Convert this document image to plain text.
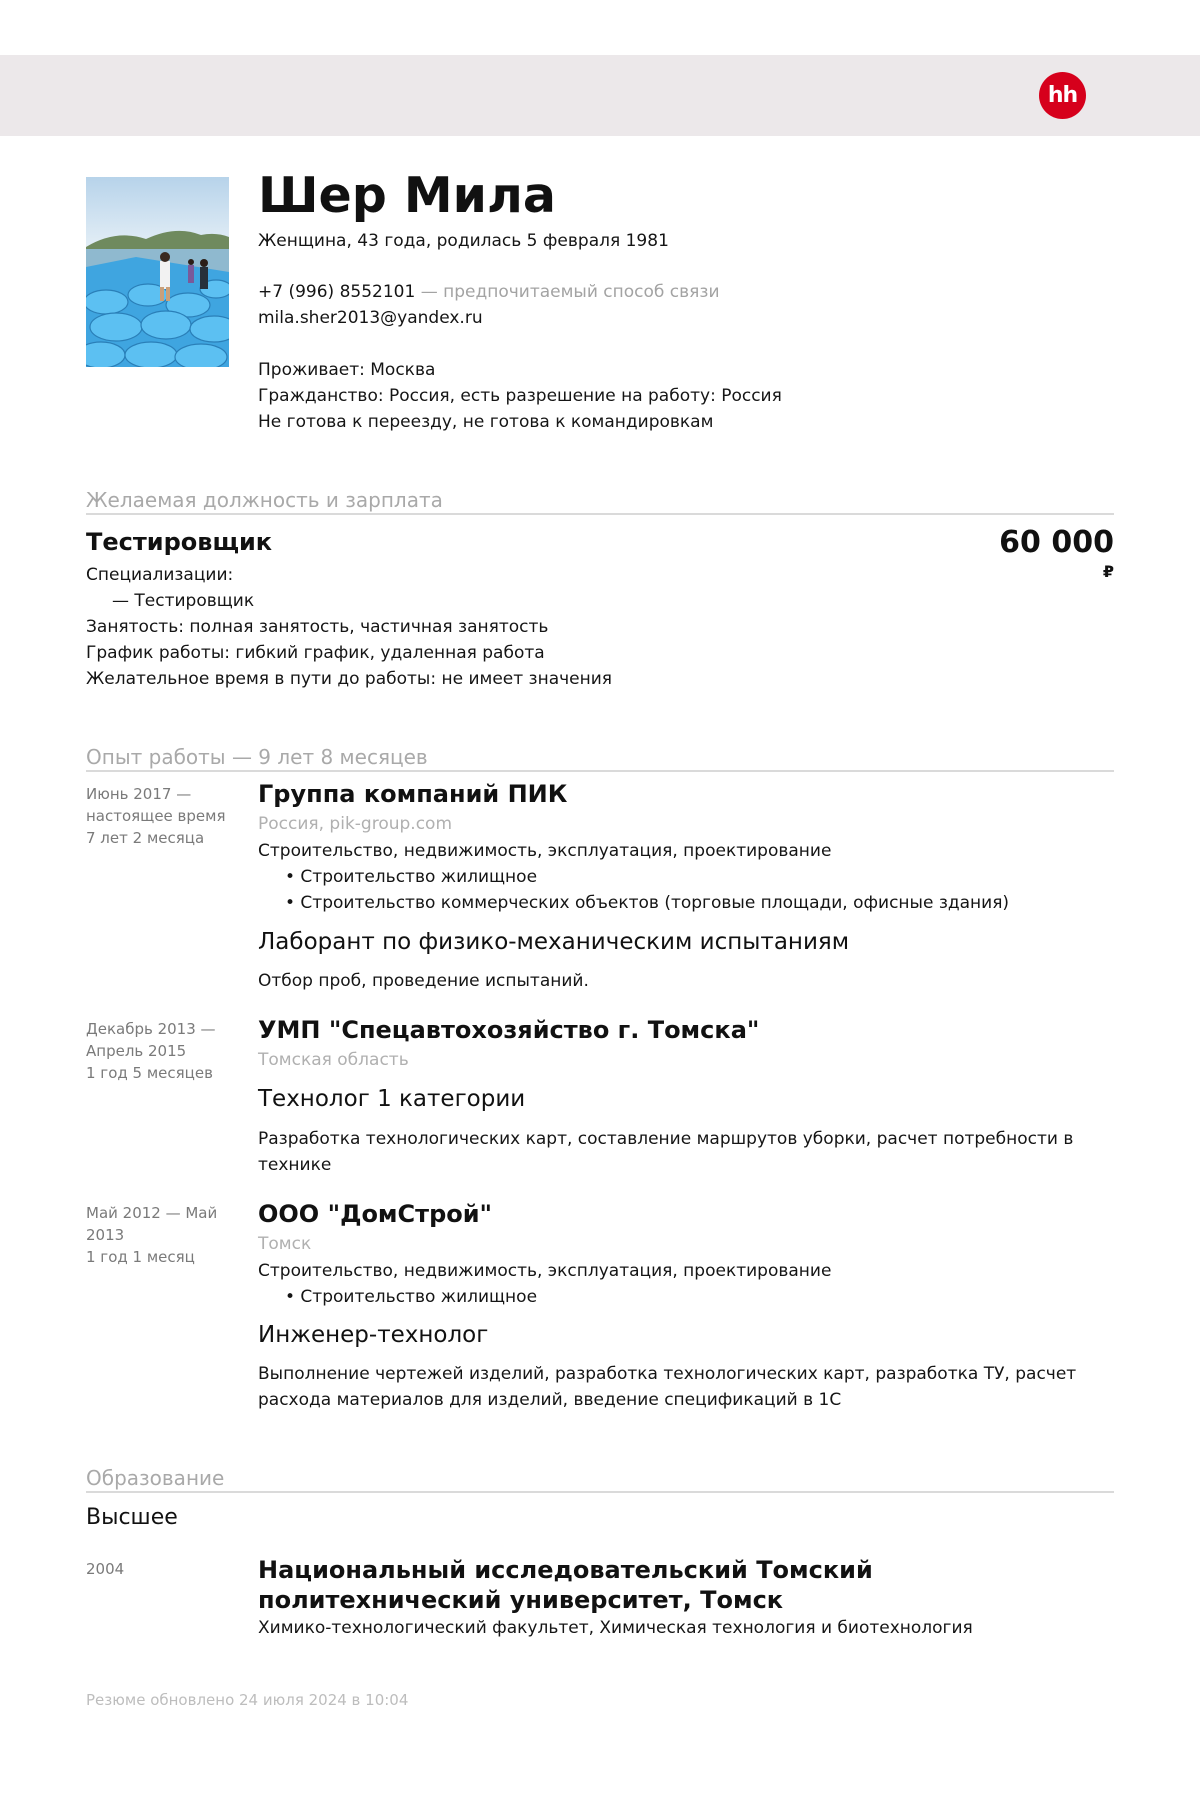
hh
Шер Мила
Женщина, 43 года, родилась 5 февраля 1981
+7 (996) 8552101 — предпочитаемый способ связи
mila.sher2013@yandex.ru
Проживает: Москва
Гражданство: Россия, есть разрешение на работу: Россия
Не готова к переезду, не готова к командировкам
Желаемая должность и зарплата
Тестировщик	60 000
₽
Специализации:
— Тестировщик
Занятость: полная занятость, частичная занятость
График работы: гибкий график, удаленная работа
Желательное время в пути до работы: не имеет значения
Опыт работы — 9 лет 8 месяцев
Июнь 2017 —
настоящее время
7 лет 2 месяца
Группа компаний ПИК
Россия, pik-group.com
Строительство, недвижимость, эксплуатация, проектирование
• Строительство жилищное
• Строительство коммерческих объектов (торговые площади, офисные здания)
Лаборант по физико-механическим испытаниям
Отбор проб, проведение испытаний.
Декабрь 2013 —
Апрель 2015
1 год 5 месяцев
УМП "Спецавтохозяйство г. Томска"
Томская область
Технолог 1 категории
Разработка технологических карт, составление маршрутов уборки, расчет потребности в технике
Май 2012 — Май
2013
1 год 1 месяц
ООО "ДомСтрой"
Томск
Строительство, недвижимость, эксплуатация, проектирование
• Строительство жилищное
Инженер-технолог
Выполнение чертежей изделий, разработка технологических карт, разработка ТУ, расчет расхода материалов для изделий, введение спецификаций в 1С
Образование
Высшее
2004	Национальный исследовательский Томский политехнический университет, Томск
Химико-технологический факультет, Химическая технология и биотехнология
Резюме обновлено 24 июля 2024 в 10:04
